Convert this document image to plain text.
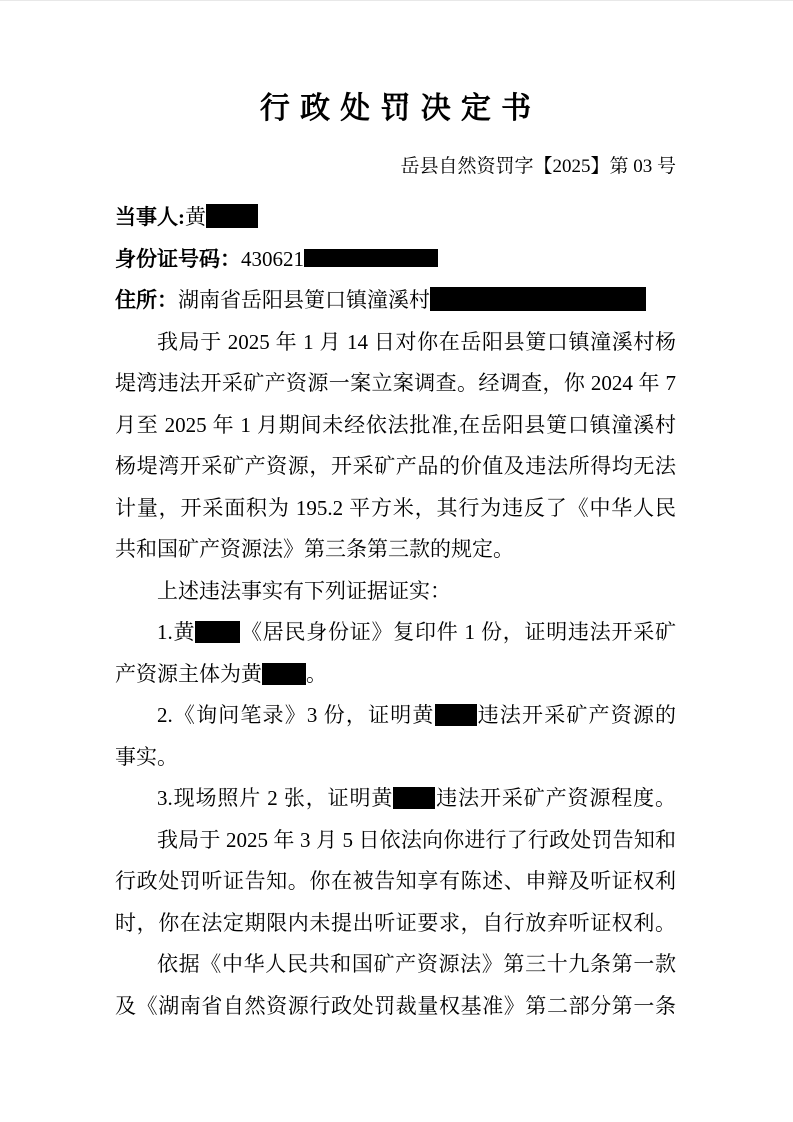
行政处罚决定书
岳县自然资罚字【2025】第 03 号
当事人:黄
身份证号码：430621
住所：湖南省岳阳县筻口镇潼溪村
我局于 2025 年 1 月 14 日对你在岳阳县筻口镇潼溪村杨
堤湾违法开采矿产资源一案立案调查。经调查，你 2024 年 7
月至 2025 年 1 月期间未经依法批准,在岳阳县筻口镇潼溪村
杨堤湾开采矿产资源，开采矿产品的价值及违法所得均无法
计量，开采面积为 195.2 平方米，其行为违反了《中华人民
共和国矿产资源法》第三条第三款的规定。
上述违法事实有下列证据证实：
1.黄 《居民身份证》复印件 1 份，证明违法开采矿
产资源主体为黄 。
2.《询问笔录》3 份，证明黄 违法开采矿产资源的
事实。
3.现场照片 2 张，证明黄 违法开采矿产资源程度。
我局于 2025 年 3 月 5 日依法向你进行了行政处罚告知和
行政处罚听证告知。你在被告知享有陈述、申辩及听证权利
时，你在法定期限内未提出听证要求，自行放弃听证权利。
依据《中华人民共和国矿产资源法》第三十九条第一款
及《湖南省自然资源行政处罚裁量权基准》第二部分第一条
